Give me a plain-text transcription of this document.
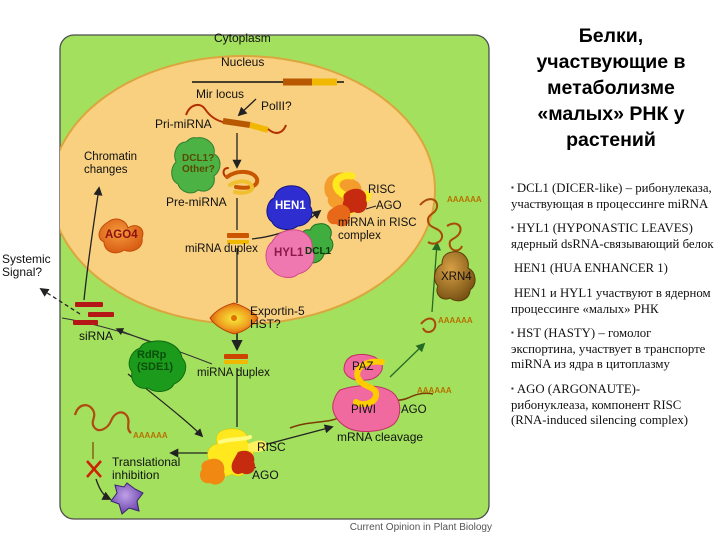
Cytoplasm
Nucleus
Mir locus
PolII?
Pri-miRNA
Chromatin changes
DCL1? Other?
Pre-miRNA	HEN1
miRNA duplex HYL1 DCL1
RISC
AGO
miRNA in RISC complex
AAAAAA
XRN4
AGO4
Systemic Signal?
siRNA
Exportin-5 HST?
RdRp (SDE1)	miRNA duplex	PAZ
PIWI AGO
AAAAAA
AAAAAA
mRNA cleavage
RISC
AGO
AAAAAA
Translational inhibition
Current Opinion in Plant Biology
Белки,
участвующие в
метаболизме
«малых» РНК у
растений
▪ DCL1 (DICER-like) – рибонулеказа, участвующая в процессинге miRNA
▪ HYL1 (HYPONASTIC LEAVES) ядерный dsRNA-связывающий белок
HEN1 (HUA ENHANCER 1)
HEN1 и HYL1 участвуют в ядерном процессинге «малых» РНК
▪ HST (HASTY) – гомолог экспортина, участвует в транспорте miRNA из ядра в цитоплазму
▪ AGO (ARGONAUTE)- рибонуклеаза, компонент RISC (RNA-induced silencing complex)
